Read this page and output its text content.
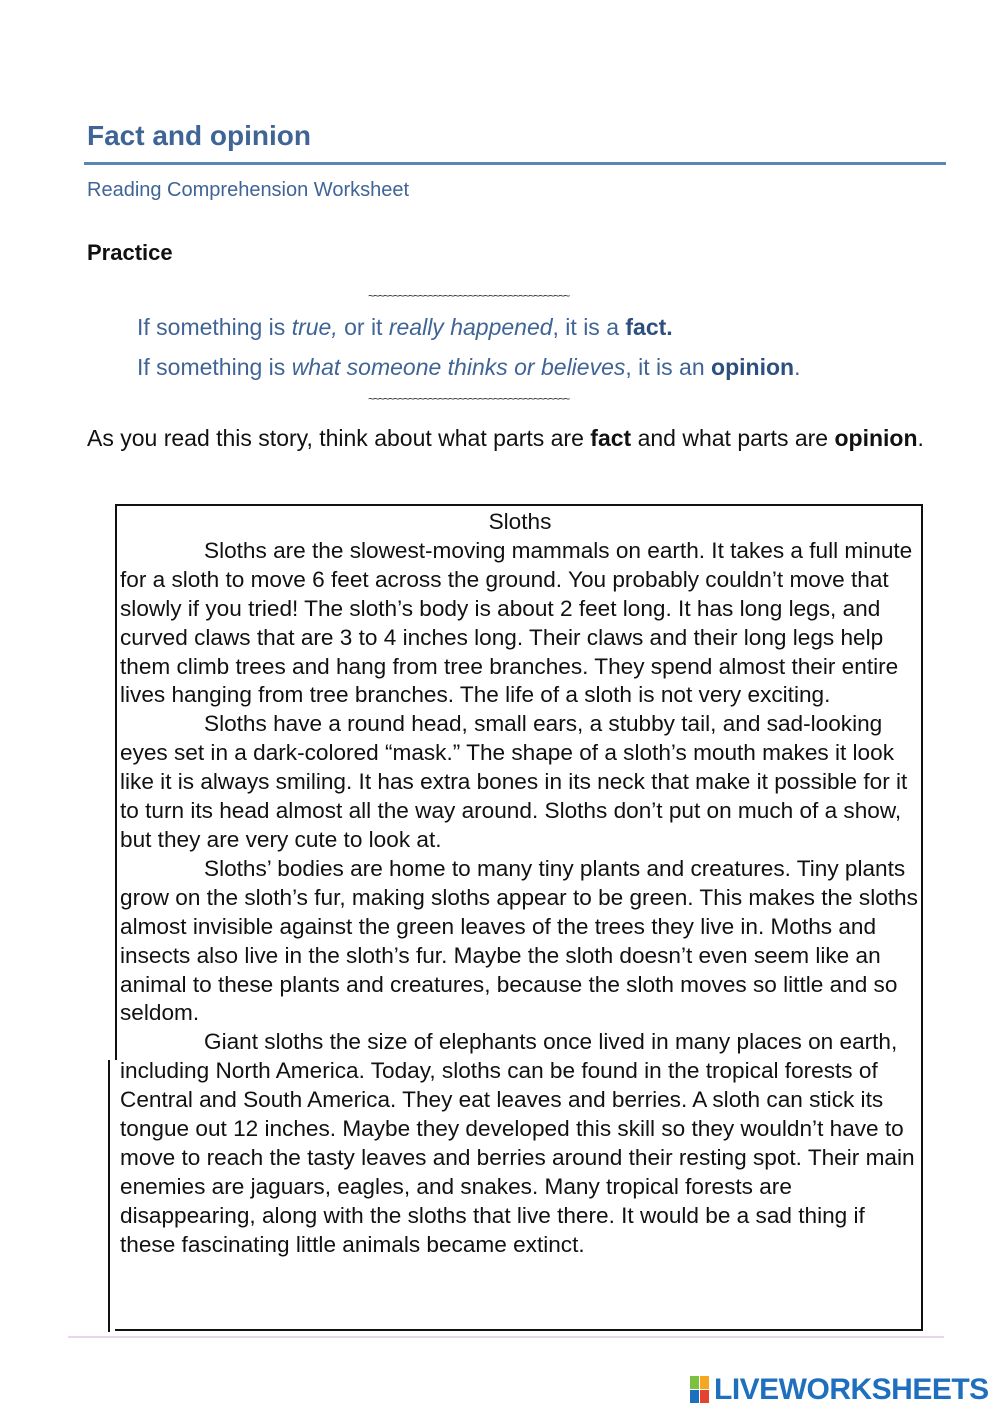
Fact and opinion
Reading Comprehension Worksheet
Practice
~~~~~~~~~~~~~~~~~~~~~~~~~~~~~~~~~~~~~~~~
If something is true, or it really happened, it is a fact.
If something is what someone thinks or believes, it is an opinion.
~~~~~~~~~~~~~~~~~~~~~~~~~~~~~~~~~~~~~~~~
As you read this story, think about what parts are fact and what parts are opinion.
Sloths

Sloths are the slowest-moving mammals on earth. It takes a full minute for a sloth to move 6 feet across the ground. You probably couldn’t move that slowly if you tried! The sloth’s body is about 2 feet long. It has long legs, and curved claws that are 3 to 4 inches long. Their claws and their long legs help them climb trees and hang from tree branches. They spend almost their entire lives hanging from tree branches. The life of a sloth is not very exciting.

Sloths have a round head, small ears, a stubby tail, and sad-looking eyes set in a dark-colored “mask.” The shape of a sloth’s mouth makes it look like it is always smiling. It has extra bones in its neck that make it possible for it to turn its head almost all the way around. Sloths don’t put on much of a show, but they are very cute to look at.

Sloths’ bodies are home to many tiny plants and creatures. Tiny plants grow on the sloth’s fur, making sloths appear to be green. This makes the sloths almost invisible against the green leaves of the trees they live in. Moths and insects also live in the sloth’s fur. Maybe the sloth doesn’t even seem like an animal to these plants and creatures, because the sloth moves so little and so seldom.

Giant sloths the size of elephants once lived in many places on earth, including North America. Today, sloths can be found in the tropical forests of Central and South America. They eat leaves and berries. A sloth can stick its tongue out 12 inches. Maybe they developed this skill so they wouldn’t have to move to reach the tasty leaves and berries around their resting spot. Their main enemies are jaguars, eagles, and snakes. Many tropical forests are disappearing, along with the sloths that live there. It would be a sad thing if these fascinating little animals became extinct.

LIVEWORKSHEETS
